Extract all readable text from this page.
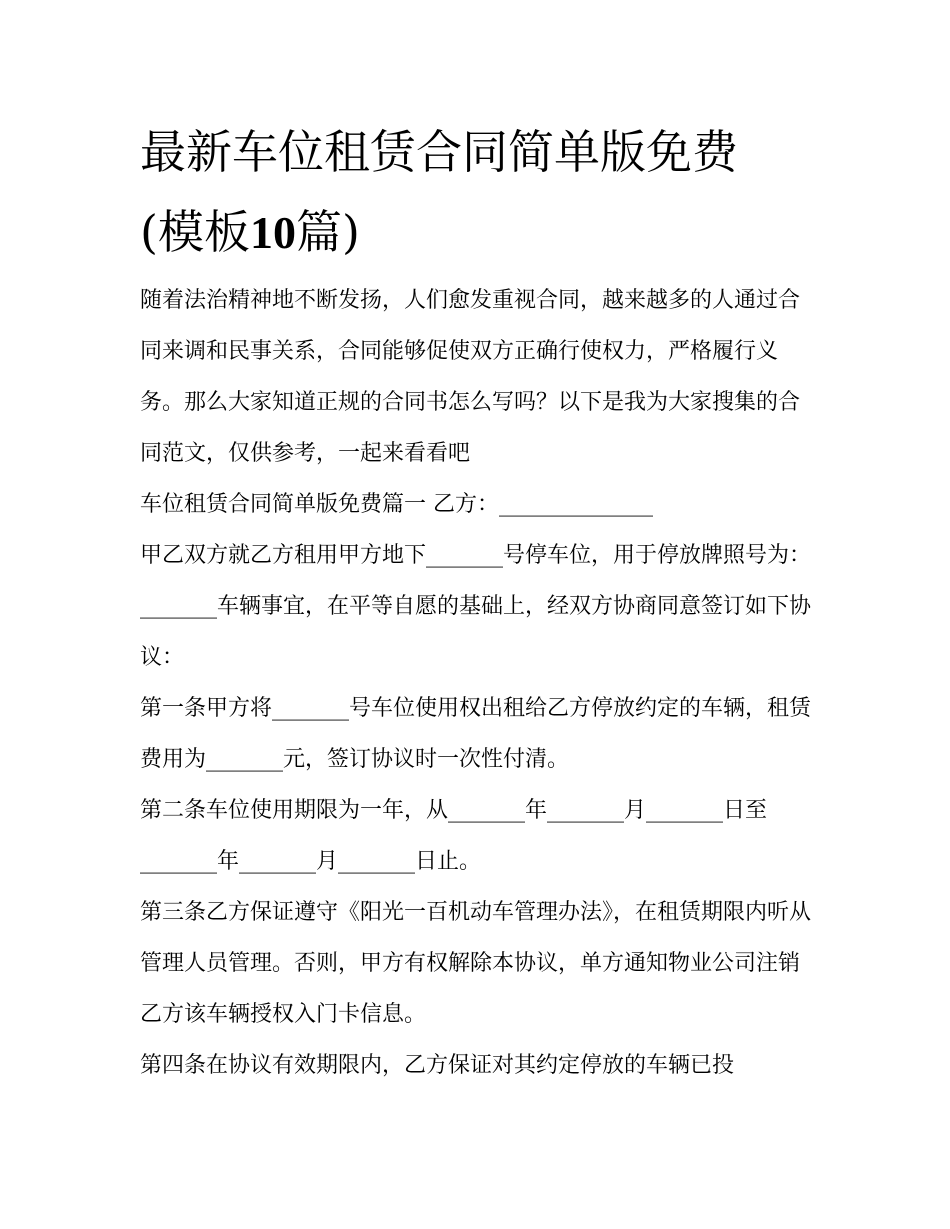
最新车位租赁合同简单版免费
(模板10篇)

随着法治精神地不断发扬，人们愈发重视合同，越来越多的人通过合同来调和民事关系，合同能够促使双方正确行使权力，严格履行义务。那么大家知道正规的合同书怎么写吗？以下是我为大家搜集的合同范文，仅供参考，一起来看看吧

车位租赁合同简单版免费篇一 乙方：______________

甲乙双方就乙方租用甲方地下_______号停车位，用于停放牌照号为：_______车辆事宜，在平等自愿的基础上，经双方协商同意签订如下协议：

第一条甲方将_______号车位使用权出租给乙方停放约定的车辆，租赁费用为_______元，签订协议时一次性付清。

第二条车位使用期限为一年，从_______年_______月_______日至_______年_______月_______日止。

第三条乙方保证遵守《阳光一百机动车管理办法》，在租赁期限内听从管理人员管理。否则，甲方有权解除本协议，单方通知物业公司注销乙方该车辆授权入门卡信息。

第四条在协议有效期限内，乙方保证对其约定停放的车辆已投
